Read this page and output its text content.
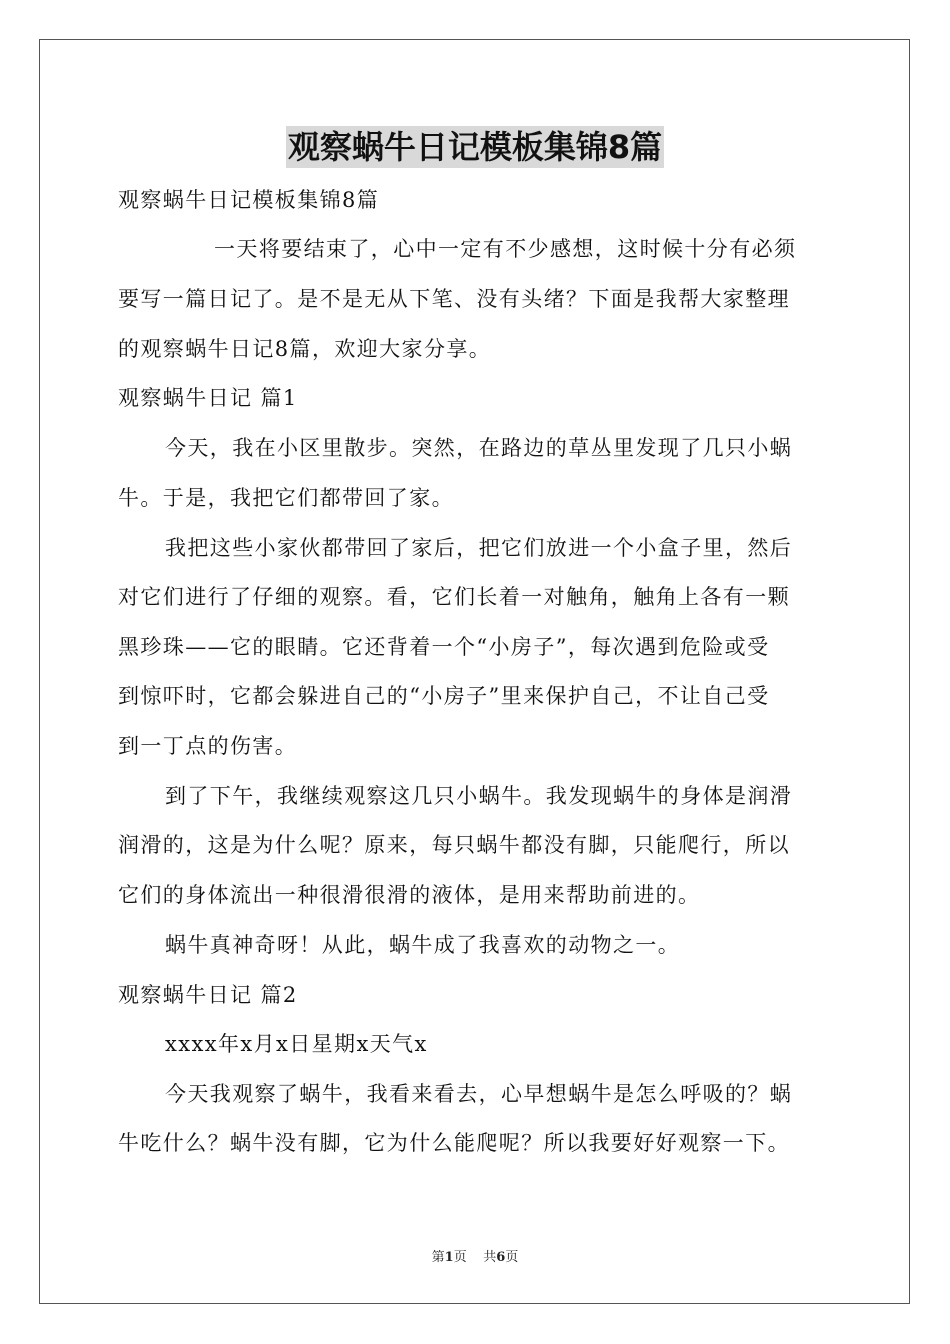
观察蜗牛日记模板集锦8篇
观察蜗牛日记模板集锦8篇
一天将要结束了，心中一定有不少感想，这时候十分有必须
要写一篇日记了。是不是无从下笔、没有头绪？下面是我帮大家整理
的观察蜗牛日记8篇，欢迎大家分享。
观察蜗牛日记 篇1
今天，我在小区里散步。突然，在路边的草丛里发现了几只小蜗
牛。于是，我把它们都带回了家。
我把这些小家伙都带回了家后，把它们放进一个小盒子里，然后
对它们进行了仔细的观察。看，它们长着一对触角，触角上各有一颗
黑珍珠——它的眼睛。它还背着一个“小房子”，每次遇到危险或受
到惊吓时，它都会躲进自己的“小房子”里来保护自己，不让自己受
到一丁点的伤害。
到了下午，我继续观察这几只小蜗牛。我发现蜗牛的身体是润滑
润滑的，这是为什么呢？原来，每只蜗牛都没有脚，只能爬行，所以
它们的身体流出一种很滑很滑的液体，是用来帮助前进的。
蜗牛真神奇呀！从此，蜗牛成了我喜欢的动物之一。
观察蜗牛日记 篇2
xxxx年x月x日星期x天气x
今天我观察了蜗牛，我看来看去，心早想蜗牛是怎么呼吸的？蜗
牛吃什么？蜗牛没有脚，它为什么能爬呢？所以我要好好观察一下。
第1页 共6页
